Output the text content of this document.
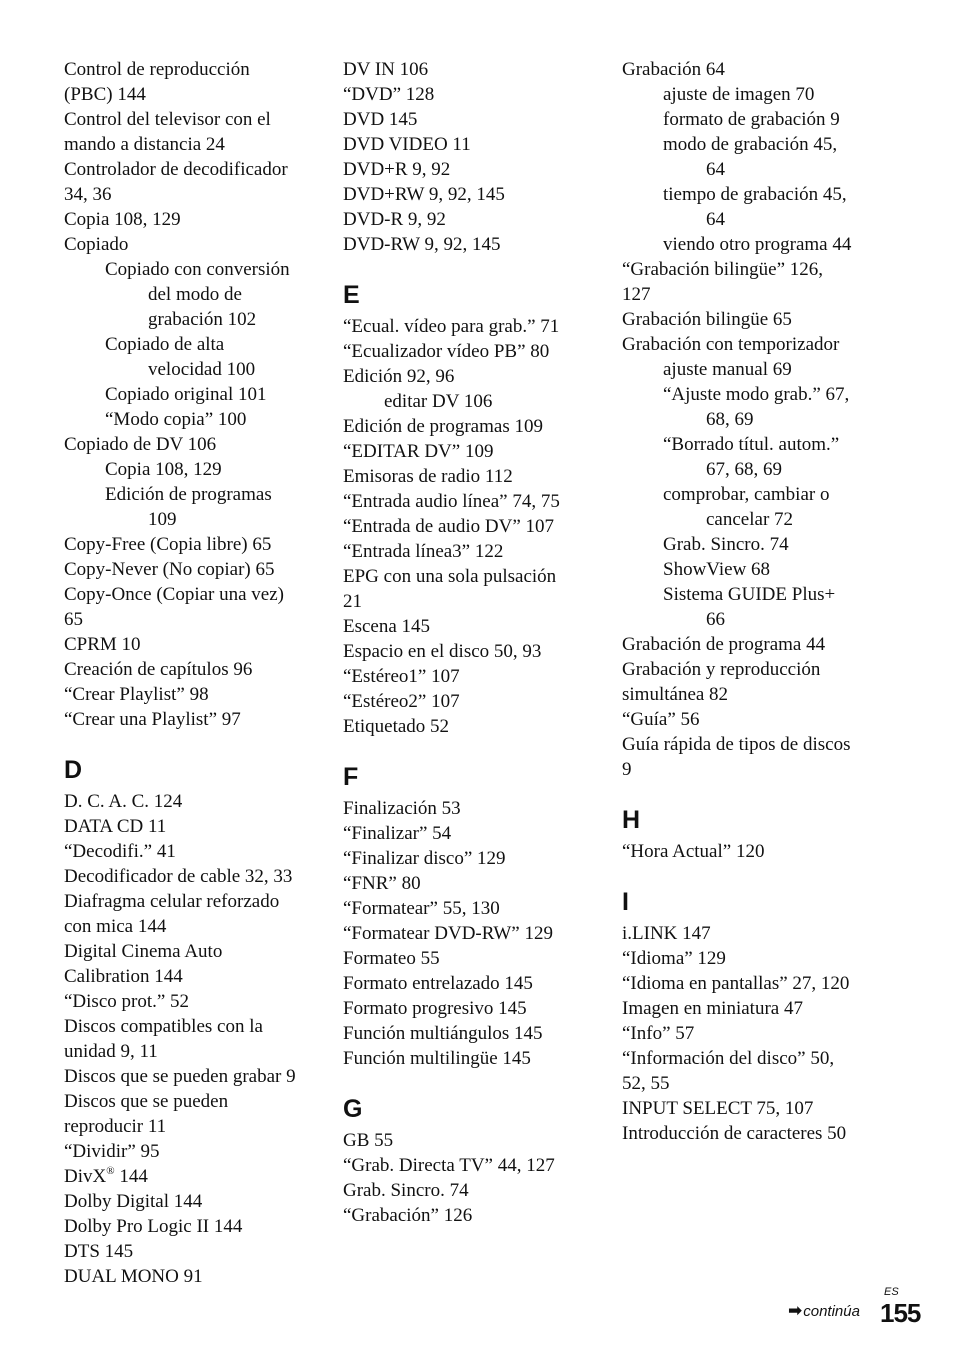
Control de reproducción
(PBC) 144
Control del televisor con el
mando a distancia 24
Controlador de decodificador
34, 36
Copia 108, 129
Copiado
Copiado con conversión
del modo de
grabación 102
Copiado de alta
velocidad 100
Copiado original 101
“Modo copia” 100
Copiado de DV 106
Copia 108, 129
Edición de programas
109
Copy-Free (Copia libre) 65
Copy-Never (No copiar) 65
Copy-Once (Copiar una vez)
65
CPRM 10
Creación de capítulos 96
“Crear Playlist” 98
“Crear una Playlist” 97
D
D. C. A. C. 124
DATA CD 11
“Decodifi.” 41
Decodificador de cable 32, 33
Diafragma celular reforzado
con mica 144
Digital Cinema Auto
Calibration 144
“Disco prot.” 52
Discos compatibles con la
unidad 9, 11
Discos que se pueden grabar 9
Discos que se pueden
reproducir 11
“Dividir” 95
DivX® 144
Dolby Digital 144
Dolby Pro Logic II 144
DTS 145
DUAL MONO 91
DV IN 106
“DVD” 128
DVD 145
DVD VIDEO 11
DVD+R 9, 92
DVD+RW 9, 92, 145
DVD-R 9, 92
DVD-RW 9, 92, 145
E
“Ecual. vídeo para grab.” 71
“Ecualizador vídeo PB” 80
Edición 92, 96
editar DV 106
Edición de programas 109
“EDITAR DV” 109
Emisoras de radio 112
“Entrada audio línea” 74, 75
“Entrada de audio DV” 107
“Entrada línea3” 122
EPG con una sola pulsación
21
Escena 145
Espacio en el disco 50, 93
“Estéreo1” 107
“Estéreo2” 107
Etiquetado 52
F
Finalización 53
“Finalizar” 54
“Finalizar disco” 129
“FNR” 80
“Formatear” 55, 130
“Formatear DVD-RW” 129
Formateo 55
Formato entrelazado 145
Formato progresivo 145
Función multiángulos 145
Función multilingüe 145
G
GB 55
“Grab. Directa TV” 44, 127
Grab. Sincro. 74
“Grabación” 126
Grabación 64
ajuste de imagen 70
formato de grabación 9
modo de grabación 45,
64
tiempo de grabación 45,
64
viendo otro programa 44
“Grabación bilingüe” 126,
127
Grabación bilingüe 65
Grabación con temporizador
ajuste manual 69
“Ajuste modo grab.” 67,
68, 69
“Borrado títul. autom.”
67, 68, 69
comprobar, cambiar o
cancelar 72
Grab. Sincro. 74
ShowView 68
Sistema GUIDE Plus+
66
Grabación de programa 44
Grabación y reproducción
simultánea 82
“Guía” 56
Guía rápida de tipos de discos
9
H
“Hora Actual” 120
I
i.LINK 147
“Idioma” 129
“Idioma en pantallas” 27, 120
Imagen en miniatura 47
“Info” 57
“Información del disco” 50,
52, 55
INPUT SELECT 75, 107
Introducción de caracteres 50
➡continúa
ES
155
